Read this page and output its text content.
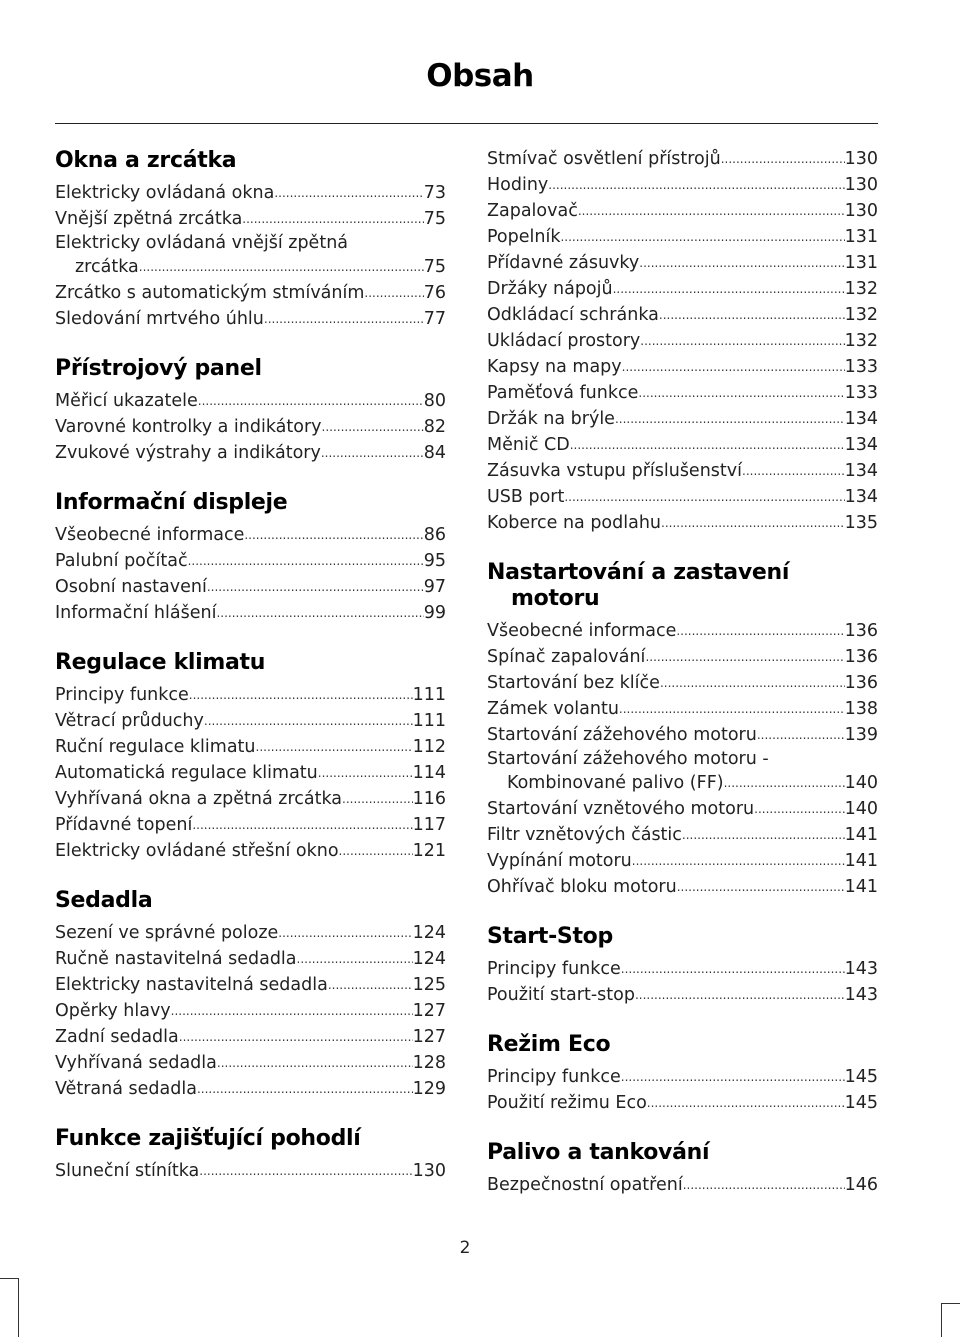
Obsah
Okna a zrcátka
Elektricky ovládaná okna .....	73
Vnější zpětná zrcátka .....	75
Elektricky ovládaná vnější zpětná
zrcátka .....	75
Zrcátko s automatickým stmíváním .....	76
Sledování mrtvého úhlu .....	77
Přístrojový panel
Měřicí ukazatele .....	80
Varovné kontrolky a indikátory .....	82
Zvukové výstrahy a indikátory .....	84
Informační displeje
Všeobecné informace .....	86
Palubní počítač .....	95
Osobní nastavení .....	97
Informační hlášení .....	99
Regulace klimatu
Principy funkce .....	111
Větrací průduchy .....	111
Ruční regulace klimatu .....	112
Automatická regulace klimatu .....	114
Vyhřívaná okna a zpětná zrcátka .....	116
Přídavné topení .....	117
Elektricky ovládané střešní okno .....	121
Sedadla
Sezení ve správné poloze .....	124
Ručně nastavitelná sedadla .....	124
Elektricky nastavitelná sedadla .....	125
Opěrky hlavy .....	127
Zadní sedadla .....	127
Vyhřívaná sedadla .....	128
Větraná sedadla .....	129
Funkce zajišťující pohodlí
Sluneční stínítka .....	130
Stmívač osvětlení přístrojů .....	130
Hodiny .....	130
Zapalovač .....	130
Popelník .....	131
Přídavné zásuvky .....	131
Držáky nápojů .....	132
Odkládací schránka .....	132
Ukládací prostory .....	132
Kapsy na mapy .....	133
Paměťová funkce .....	133
Držák na brýle .....	134
Měnič CD .....	134
Zásuvka vstupu příslušenství .....	134
USB port .....	134
Koberce na podlahu .....	135
Nastartování a zastavení
motoru
Všeobecné informace .....	136
Spínač zapalování .....	136
Startování bez klíče .....	136
Zámek volantu .....	138
Startování zážehového motoru .....	139
Startování zážehového motoru -
Kombinované palivo (FF) .....	140
Startování vznětového motoru .....	140
Filtr vznětových částic .....	141
Vypínání motoru .....	141
Ohřívač bloku motoru .....	141
Start-Stop
Principy funkce .....	143
Použití start-stop .....	143
Režim Eco
Principy funkce .....	145
Použití režimu Eco .....	145
Palivo a tankování
Bezpečnostní opatření .....	146
2
